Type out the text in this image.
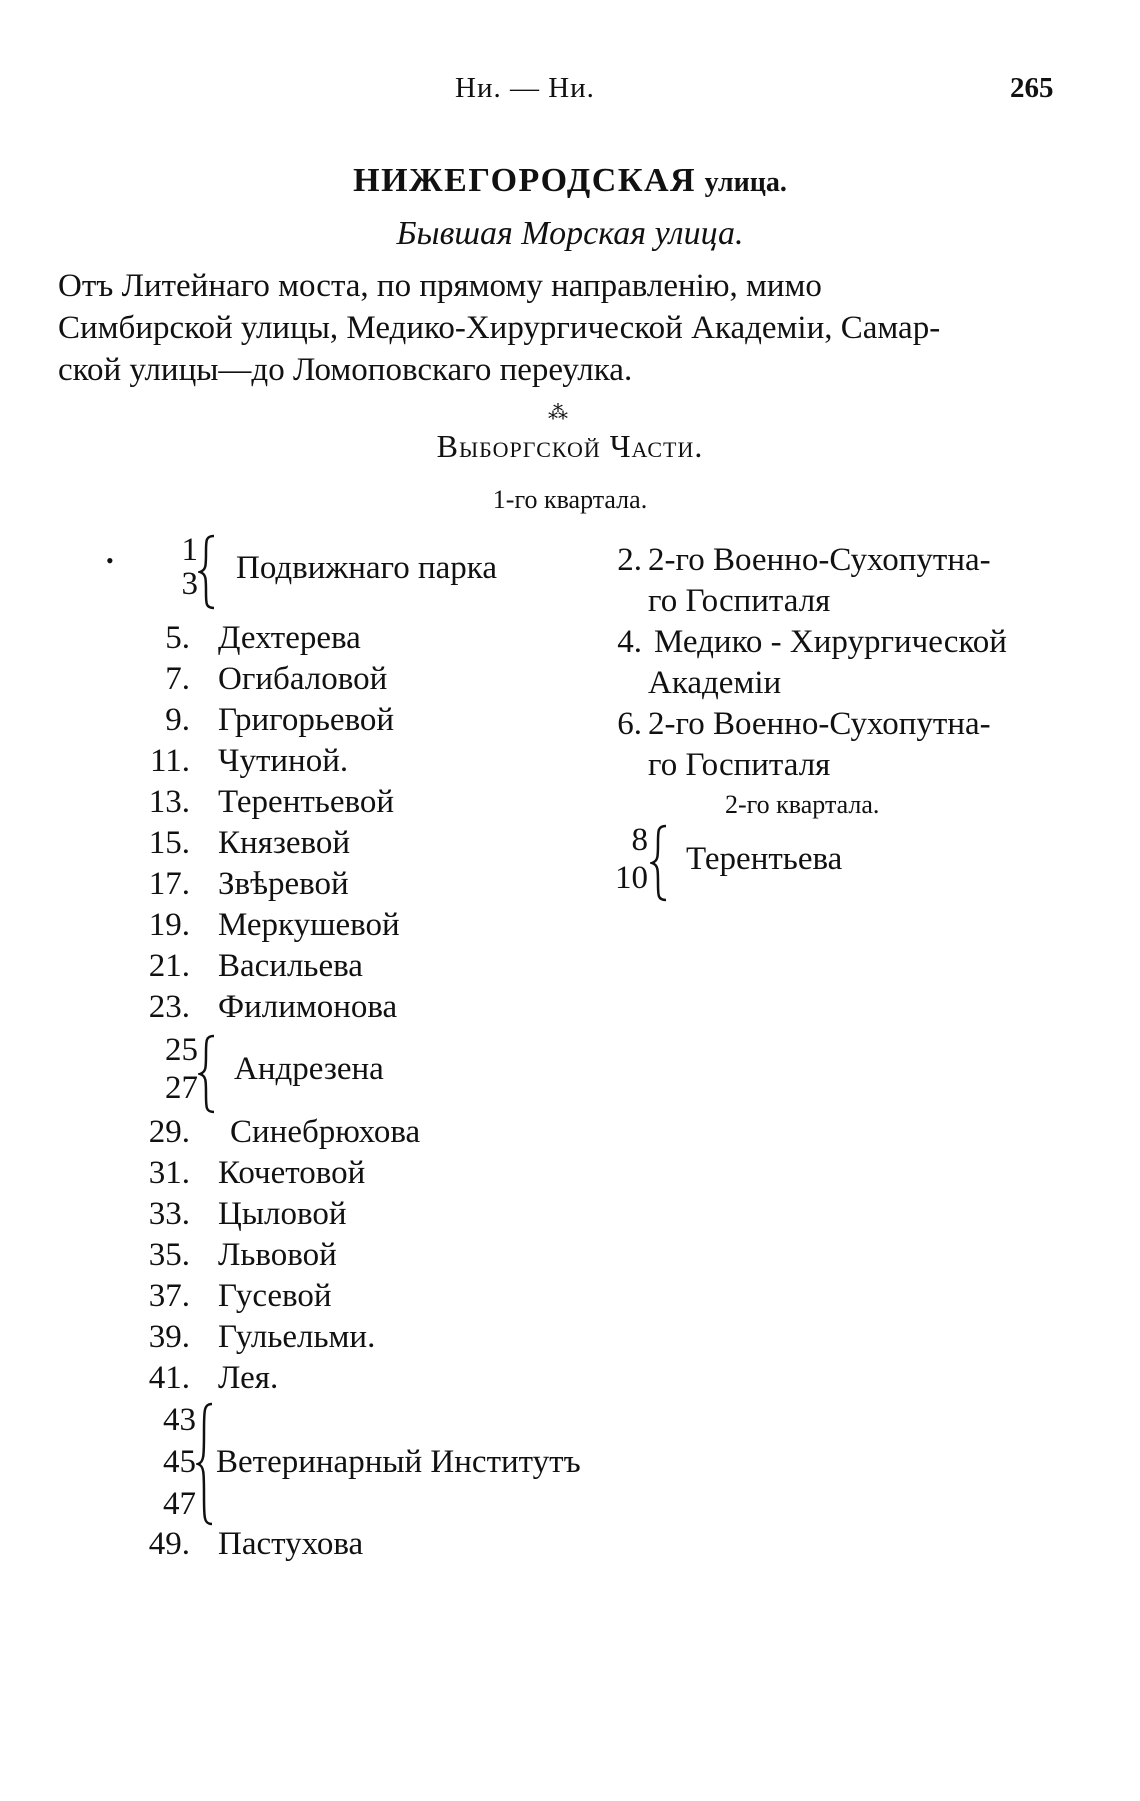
Ни. — Ни.	265
НИЖЕГОРОДСКАЯ улица.
Бывшая Морская улица.
Отъ Литейнаго моста, по прямому направленію, мимо
Симбирской улицы, Медико-Хирургической Академіи, Самар-
ской улицы—до Ломоповскаго переулка.
⁂
Выборгской Части.
1-го квартала.
•	1
3 Подвижнаго парка
5. Дехтерева
7. Огибаловой
9. Григорьевой
11. Чутиной.
13. Терентьевой
15. Князевой
17. Звѣревой
19. Меркушевой
21. Васильева
23. Филимонова
25
27
Андрезена
29. Синебрюхова
31. Кочетовой
33. Цыловой
35. Львовой
37. Гусевой
39. Гульельми.
41. Лея.
43
45
47
Ветеринарный Институтъ
49. Пастухова
2. 2-го Военно-Сухопутна-
го Госпиталя
4. Медико - Хирургической
Академіи
6. 2-го Военно-Сухопутна-
го Госпиталя
2-го квартала.
8
10
Терентьева
